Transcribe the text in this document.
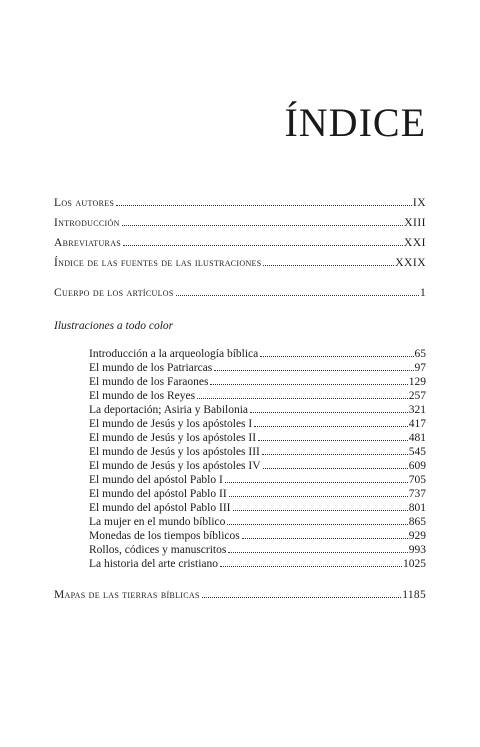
ÍNDICE
Los autores	IX
Introducción	XIII
Abreviaturas	XXI
Índice de las fuentes de las ilustraciones	XXIX
Cuerpo de los artículos	1

Ilustraciones a todo color

Introducción a la arqueología bíblica	65
El mundo de los Patriarcas	97
El mundo de los Faraones	129
El mundo de los Reyes	257
La deportación; Asiria y Babilonia	321
El mundo de Jesús y los apóstoles I	417
El mundo de Jesús y los apóstoles II	481
El mundo de Jesús y los apóstoles III	545
El mundo de Jesús y los apóstoles IV	609
El mundo del apóstol Pablo I	705
El mundo del apóstol Pablo II	737
El mundo del apóstol Pablo III	801
La mujer en el mundo bíblico	865
Monedas de los tiempos bíblicos	929
Rollos, códices y manuscritos	993
La historia del arte cristiano	1025
Mapas de las tierras bíblicas	1185
